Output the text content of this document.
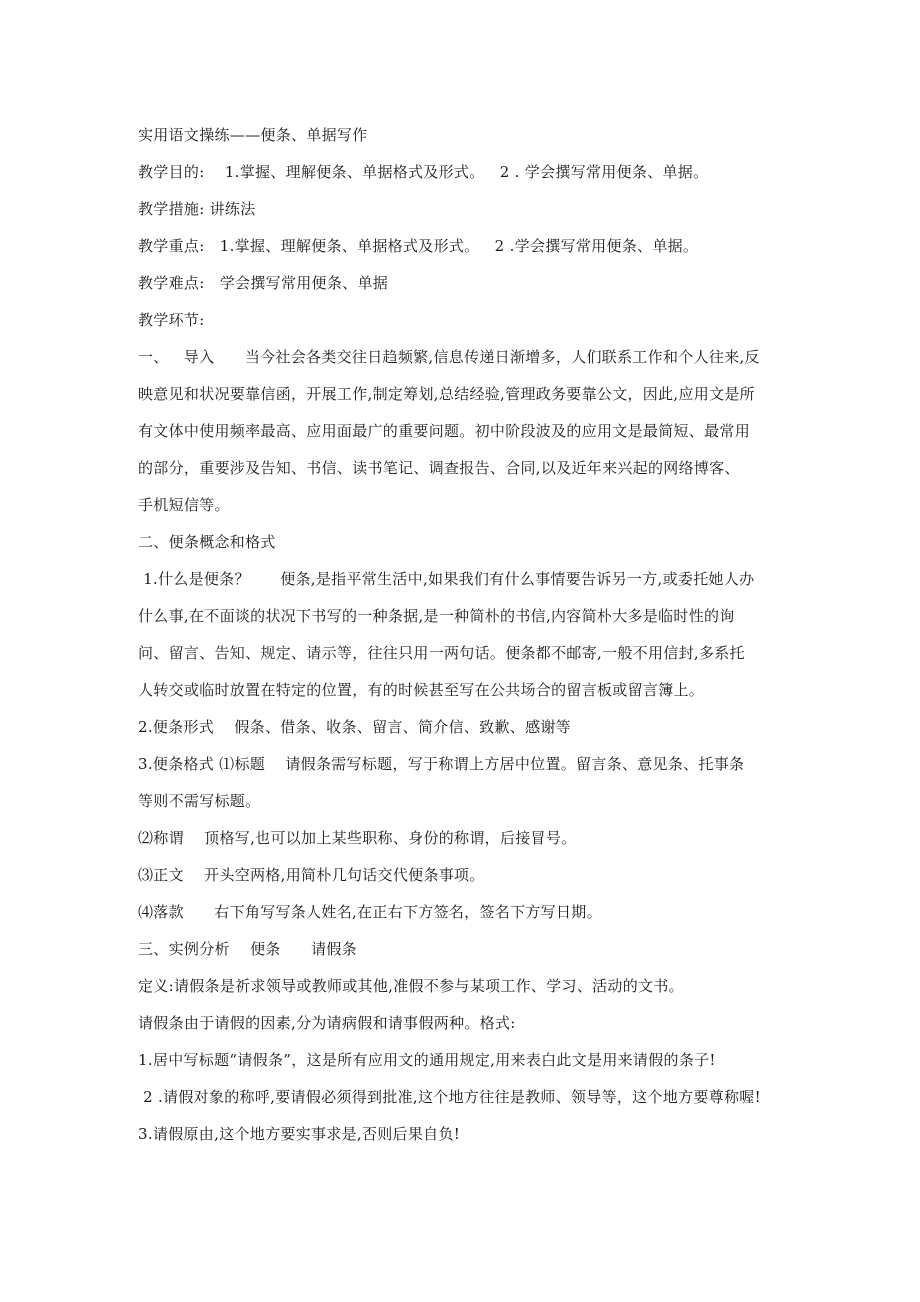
实用语文操练——便条、单据写作
教学目的:    1.掌握、理解便条、单据格式及形式。   2 . 学会撰写常用便条、单据。
教学措施: 讲练法
教学重点:   1.掌握、理解便条、单据格式及形式。   2 .学会撰写常用便条、单据。
教学难点:   学会撰写常用便条、单据
教学环节:
一、   导入      当今社会各类交往日趋频繁,信息传递日渐增多，人们联系工作和个人往来,反
映意见和状况要靠信函，开展工作,制定筹划,总结经验,管理政务要靠公文，因此,应用文是所
有文体中使用频率最高、应用面最广的重要问题。初中阶段波及的应用文是最简短、最常用
的部分，重要涉及告知、书信、读书笔记、调查报告、合同,以及近年来兴起的网络博客、
手机短信等。
二、便条概念和格式
1.什么是便条？      便条,是指平常生活中,如果我们有什么事情要告诉另一方,或委托她人办
什么事,在不面谈的状况下书写的一种条据,是一种简朴的书信,内容简朴大多是临时性的询
问、留言、告知、规定、请示等，往往只用一两句话。便条都不邮寄,一般不用信封,多系托
人转交或临时放置在特定的位置，有的时候甚至写在公共场合的留言板或留言簿上。
2.便条形式    假条、借条、收条、留言、简介信、致歉、感谢等
3.便条格式 ⑴标题    请假条需写标题，写于称谓上方居中位置。留言条、意见条、托事条
等则不需写标题。
⑵称谓    顶格写,也可以加上某些职称、身份的称谓，后接冒号。
⑶正文    开头空两格,用简朴几句话交代便条事项。
⑷落款      右下角写写条人姓名,在正右下方签名，签名下方写日期。
三、实例分析    便条      请假条
定义:请假条是祈求领导或教师或其他,准假不参与某项工作、学习、活动的文书。
请假条由于请假的因素,分为请病假和请事假两种。格式:
1.居中写标题“请假条”，这是所有应用文的通用规定,用来表白此文是用来请假的条子!
2 .请假对象的称呼,要请假必须得到批准,这个地方往往是教师、领导等，这个地方要尊称喔!
3.请假原由,这个地方要实事求是,否则后果自负!
